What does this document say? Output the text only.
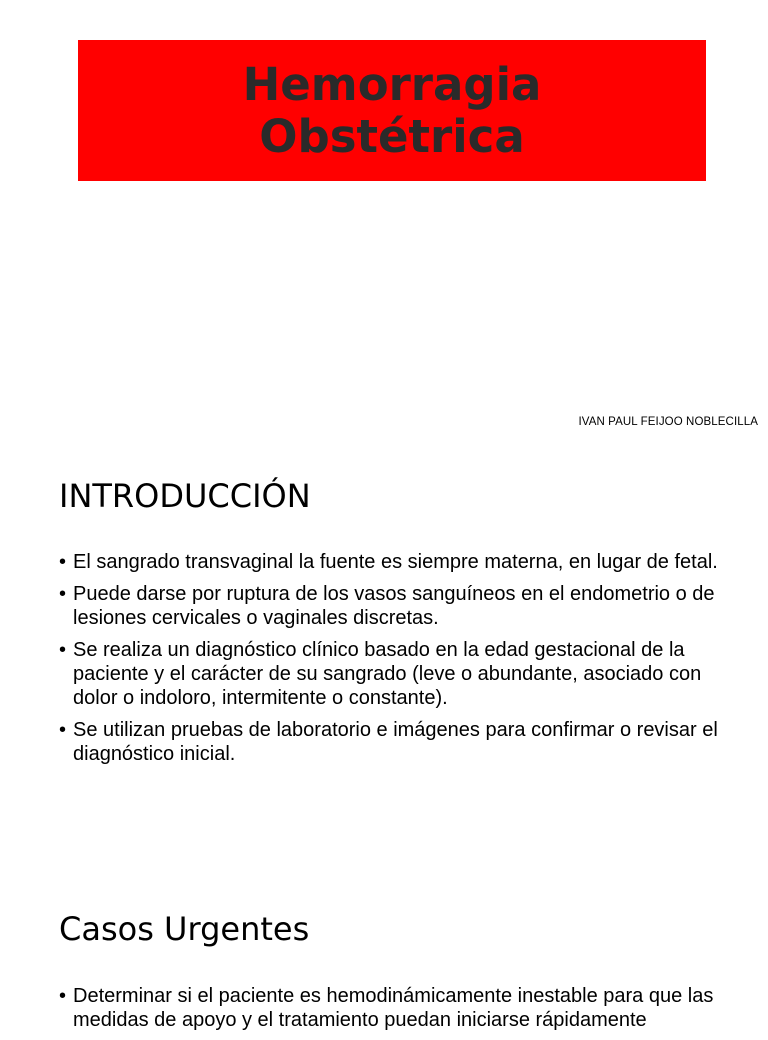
Hemorragia
Obstétrica
IVAN PAUL FEIJOO NOBLECILLA
INTRODUCCIÓN
• El sangrado transvaginal la fuente es siempre materna, en lugar de fetal.
• Puede darse por ruptura de los vasos sanguíneos en el endometrio o de lesiones cervicales o vaginales discretas.
• Se realiza un diagnóstico clínico basado en la edad gestacional de la paciente y el carácter de su sangrado (leve o abundante, asociado con dolor o indoloro, intermitente o constante).
• Se utilizan pruebas de laboratorio e imágenes para confirmar o revisar el diagnóstico inicial.
Casos Urgentes
• Determinar si el paciente es hemodinámicamente inestable para que las medidas de apoyo y el tratamiento puedan iniciarse rápidamente
